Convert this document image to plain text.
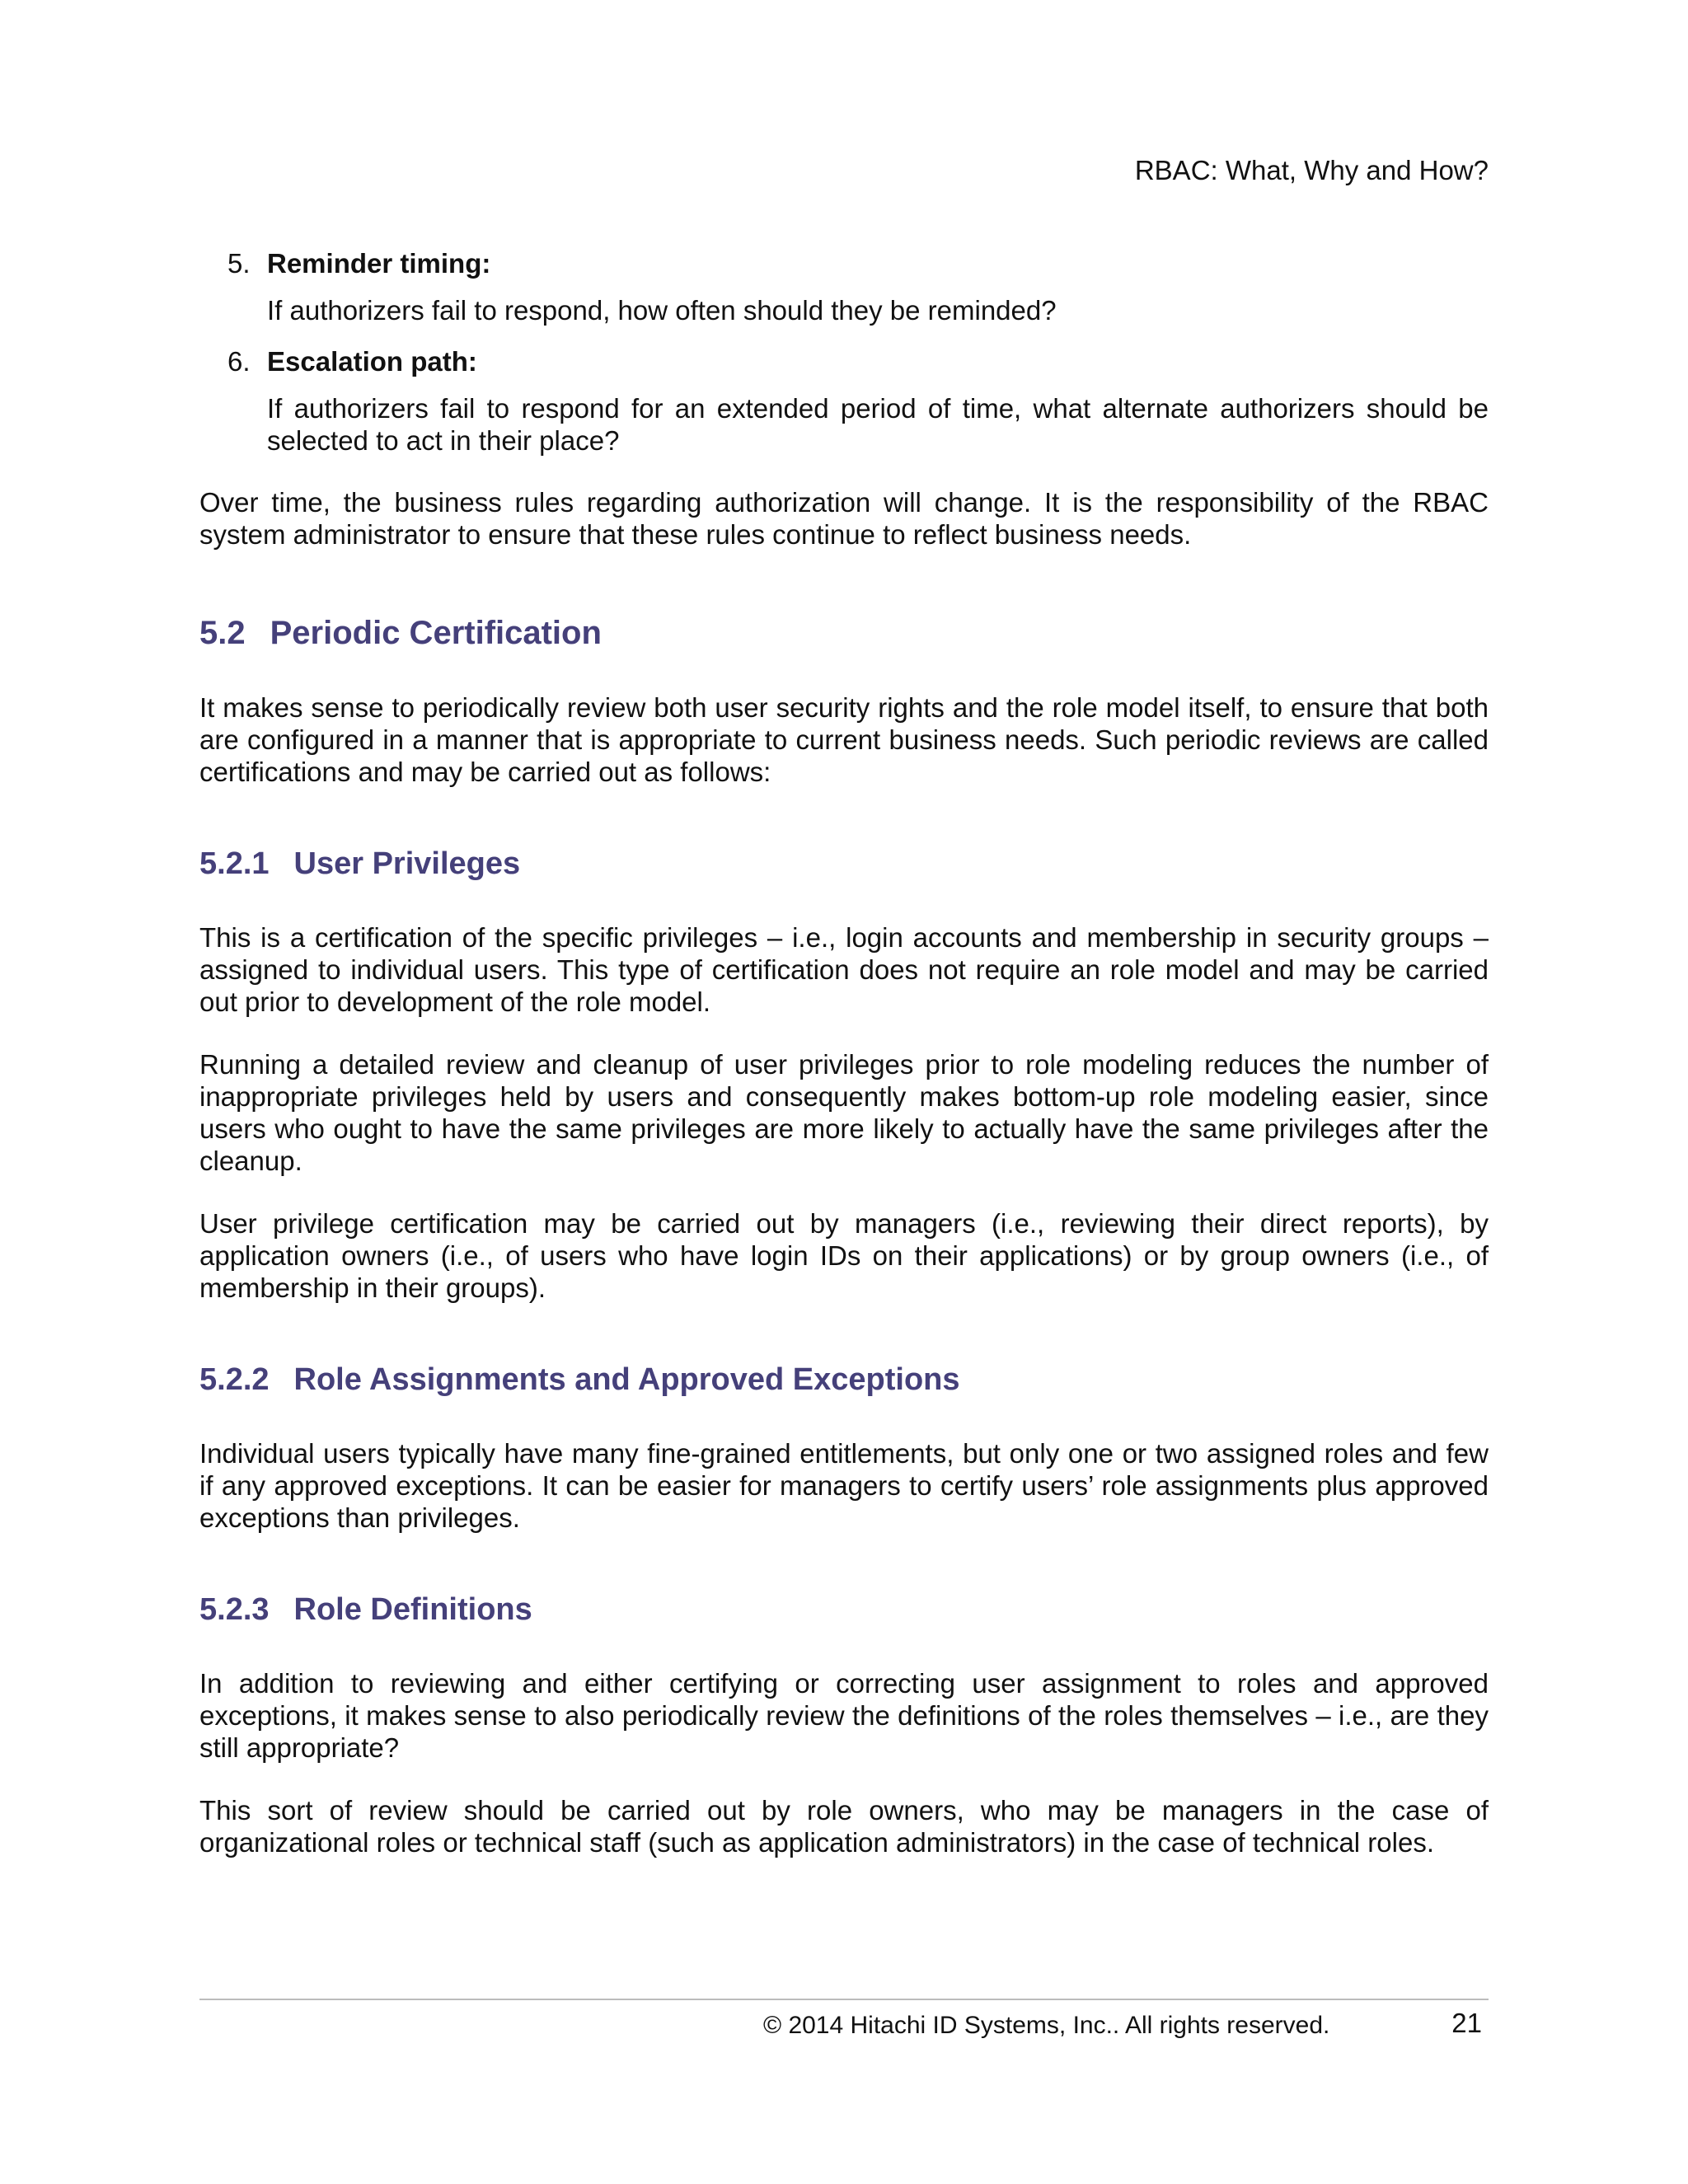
RBAC: What, Why and How?
5. Reminder timing:

If authorizers fail to respond, how often should they be reminded?

6. Escalation path:

If authorizers fail to respond for an extended period of time, what alternate authorizers should be selected to act in their place?

Over time, the business rules regarding authorization will change. It is the responsibility of the RBAC system administrator to ensure that these rules continue to reflect business needs.

5.2 Periodic Certification

It makes sense to periodically review both user security rights and the role model itself, to ensure that both are configured in a manner that is appropriate to current business needs. Such periodic reviews are called certifications and may be carried out as follows:

5.2.1 User Privileges

This is a certification of the specific privileges – i.e., login accounts and membership in security groups – assigned to individual users. This type of certification does not require an role model and may be carried out prior to development of the role model.

Running a detailed review and cleanup of user privileges prior to role modeling reduces the number of inappropriate privileges held by users and consequently makes bottom-up role modeling easier, since users who ought to have the same privileges are more likely to actually have the same privileges after the cleanup.

User privilege certification may be carried out by managers (i.e., reviewing their direct reports), by application owners (i.e., of users who have login IDs on their applications) or by group owners (i.e., of membership in their groups).

5.2.2 Role Assignments and Approved Exceptions

Individual users typically have many fine-grained entitlements, but only one or two assigned roles and few if any approved exceptions. It can be easier for managers to certify users’ role assignments plus approved exceptions than privileges.

5.2.3 Role Definitions

In addition to reviewing and either certifying or correcting user assignment to roles and approved exceptions, it makes sense to also periodically review the definitions of the roles themselves – i.e., are they still appropriate?

This sort of review should be carried out by role owners, who may be managers in the case of organizational roles or technical staff (such as application administrators) in the case of technical roles.

© 2014 Hitachi ID Systems, Inc.. All rights reserved.	21
